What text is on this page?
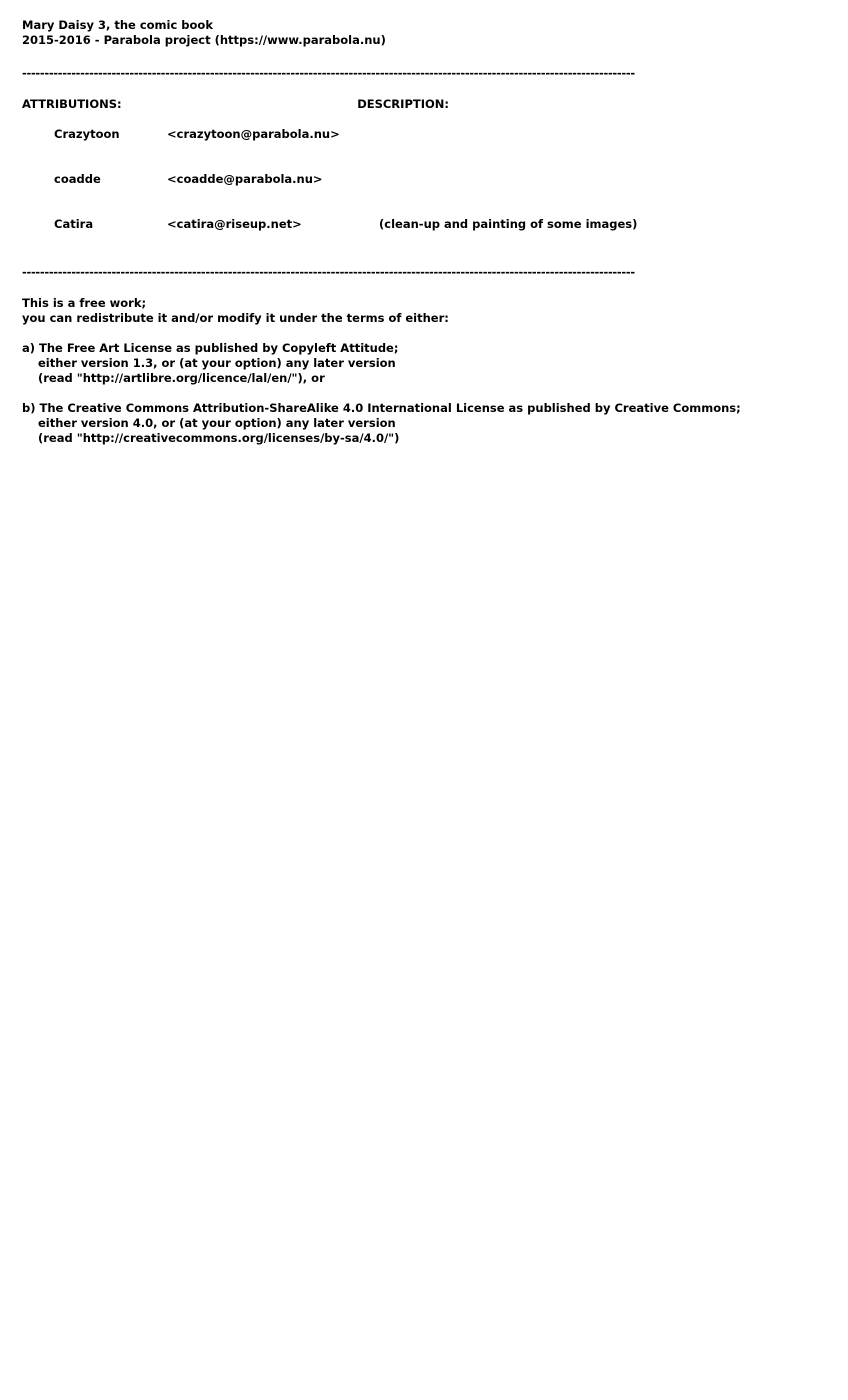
Mary Daisy 3, the comic book
2015-2016 - Parabola project (https://www.parabola.nu)
-----------------------------------------------------------------------------------------------------------------------------------------
ATTRIBUTIONS:	DESCRIPTION:

Crazytoon	<crazytoon@parabola.nu>

coadde	<coadde@parabola.nu>

Catira	<catira@riseup.net>	(clean-up and painting of some images)

-----------------------------------------------------------------------------------------------------------------------------------------
This is a free work;
you can redistribute it and/or modify it under the terms of either:
a) The Free Art License as published by Copyleft Attitude;
either version 1.3, or (at your option) any later version
(read "http://artlibre.org/licence/lal/en/"), or
b) The Creative Commons Attribution-ShareAlike 4.0 International License as published by Creative Commons;
either version 4.0, or (at your option) any later version
(read "http://creativecommons.org/licenses/by-sa/4.0/")
